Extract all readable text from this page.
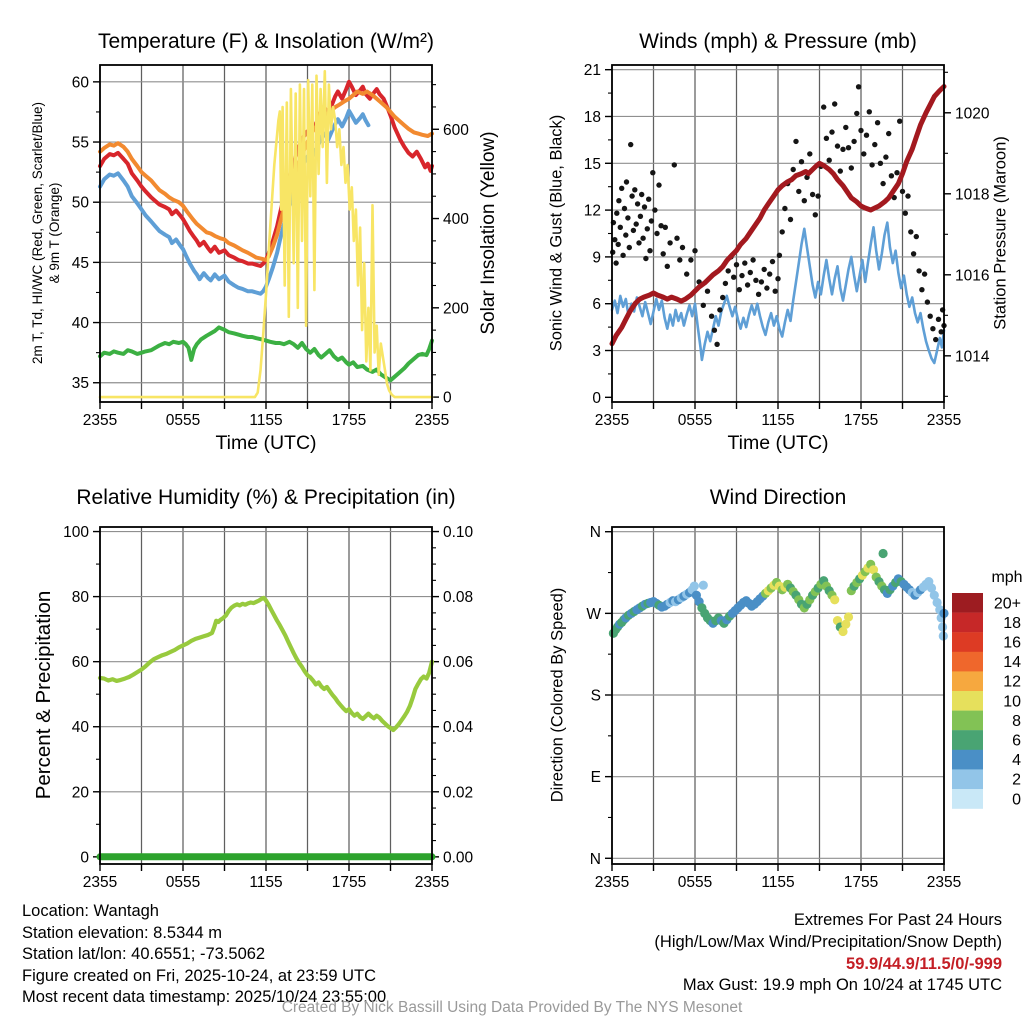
2355	0555	1155	1755	2355
35
40
45
50
55
60
0
200
400
600
2355	0555	1155	1755	2355
0
3
6
9
12
15
18
21
1014
1016
1018
1020
2355	0555	1155	1755	2355
0
20
40
60
80
100
0.00
0.02
0.04
0.06
0.08
0.10
2355	0555	1155	1755	2355
N
W
S
E
N
20+
18
16
14
12
10
8
6
4
2
0
Temperature (F) & Insolation (W/m²)	Winds (mph) & Pressure (mb)
Relative Humidity (%) & Precipitation (in)	Wind Direction
2m T, Td, HI/WC (Red, Green, Scarlet/Blue) & 9m T (Orange)	Solar Insolation (Yellow)	Sonic Wind & Gust (Blue, Black)	Station Pressure (Maroon)
Percent & Precipitation	Direction (Colored By Speed)
Time (UTC)	Time (UTC)
mph
Location: Wantagh
Station elevation: 8.5344 m
Station lat/lon: 40.6551; -73.5062
Figure created on Fri, 2025-10-24, at 23:59 UTC
Most recent data timestamp: 2025/10/24 23:55:00
Extremes For Past 24 Hours
(High/Low/Max Wind/Precipitation/Snow Depth)
59.9/44.9/11.5/0/-999
Max Gust: 19.9 mph On 10/24 at 1745 UTC
Created By Nick Bassill Using Data Provided By The NYS Mesonet
